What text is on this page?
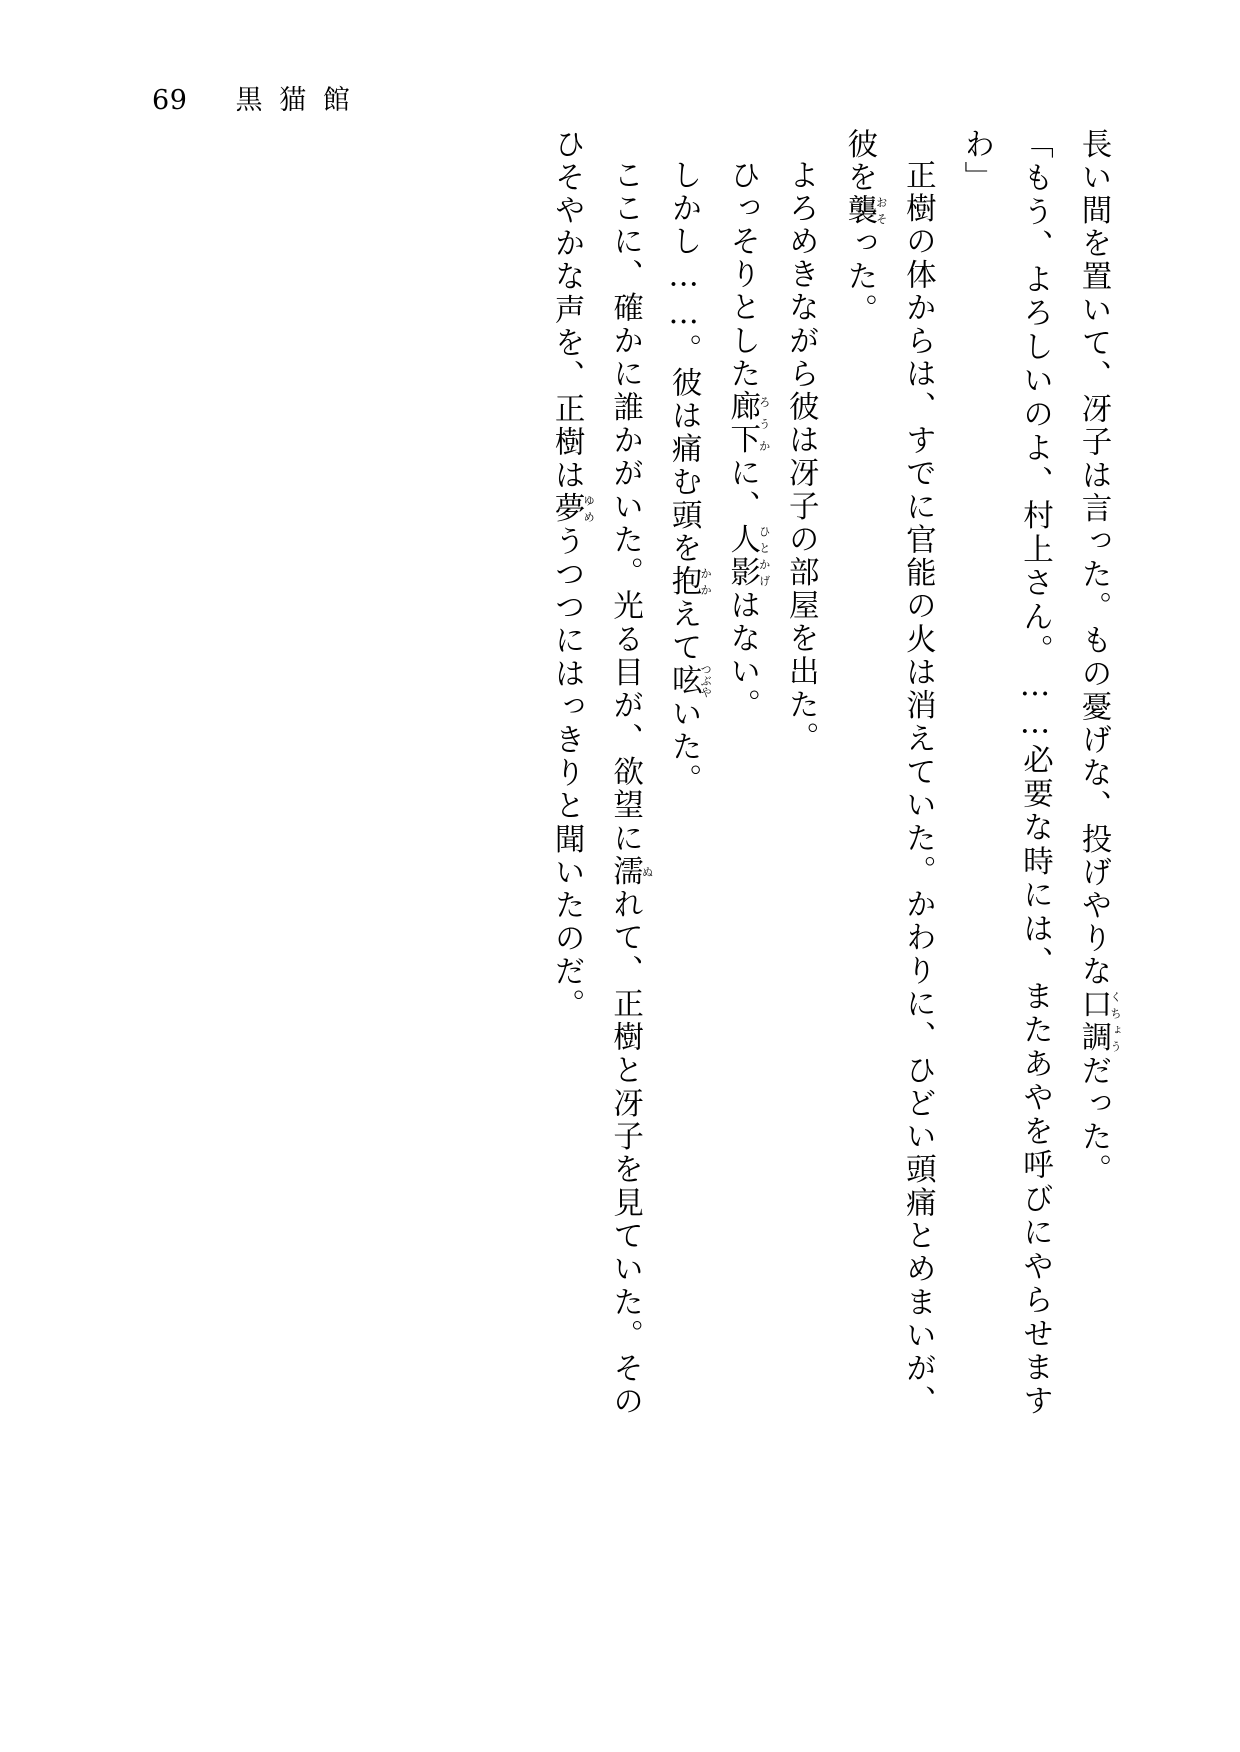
69 黒猫館

長い間を置いて、冴子は言った。もの憂げな、投げやりな口調くちょうだった。

「もう、よろしいのよ、村上さん。……必要な時には、またあやを呼びにやらせますわ」

正樹の体からは、すでに官能の火は消えていた。かわりに、ひどい頭痛とめまいが、彼を襲おそった。

よろめきながら彼は冴子の部屋を出た。

ひっそりとした廊下ろうかに、人影ひとかげはない。

しかし……。彼は痛む頭を抱かかえて呟つぶやいた。

ここに、確かに誰かがいた。光る目が、欲望に濡ぬれて、正樹と冴子を見ていた。そのひそやかな声を、正樹は夢ゆめうつつにはっきりと聞いたのだ。
